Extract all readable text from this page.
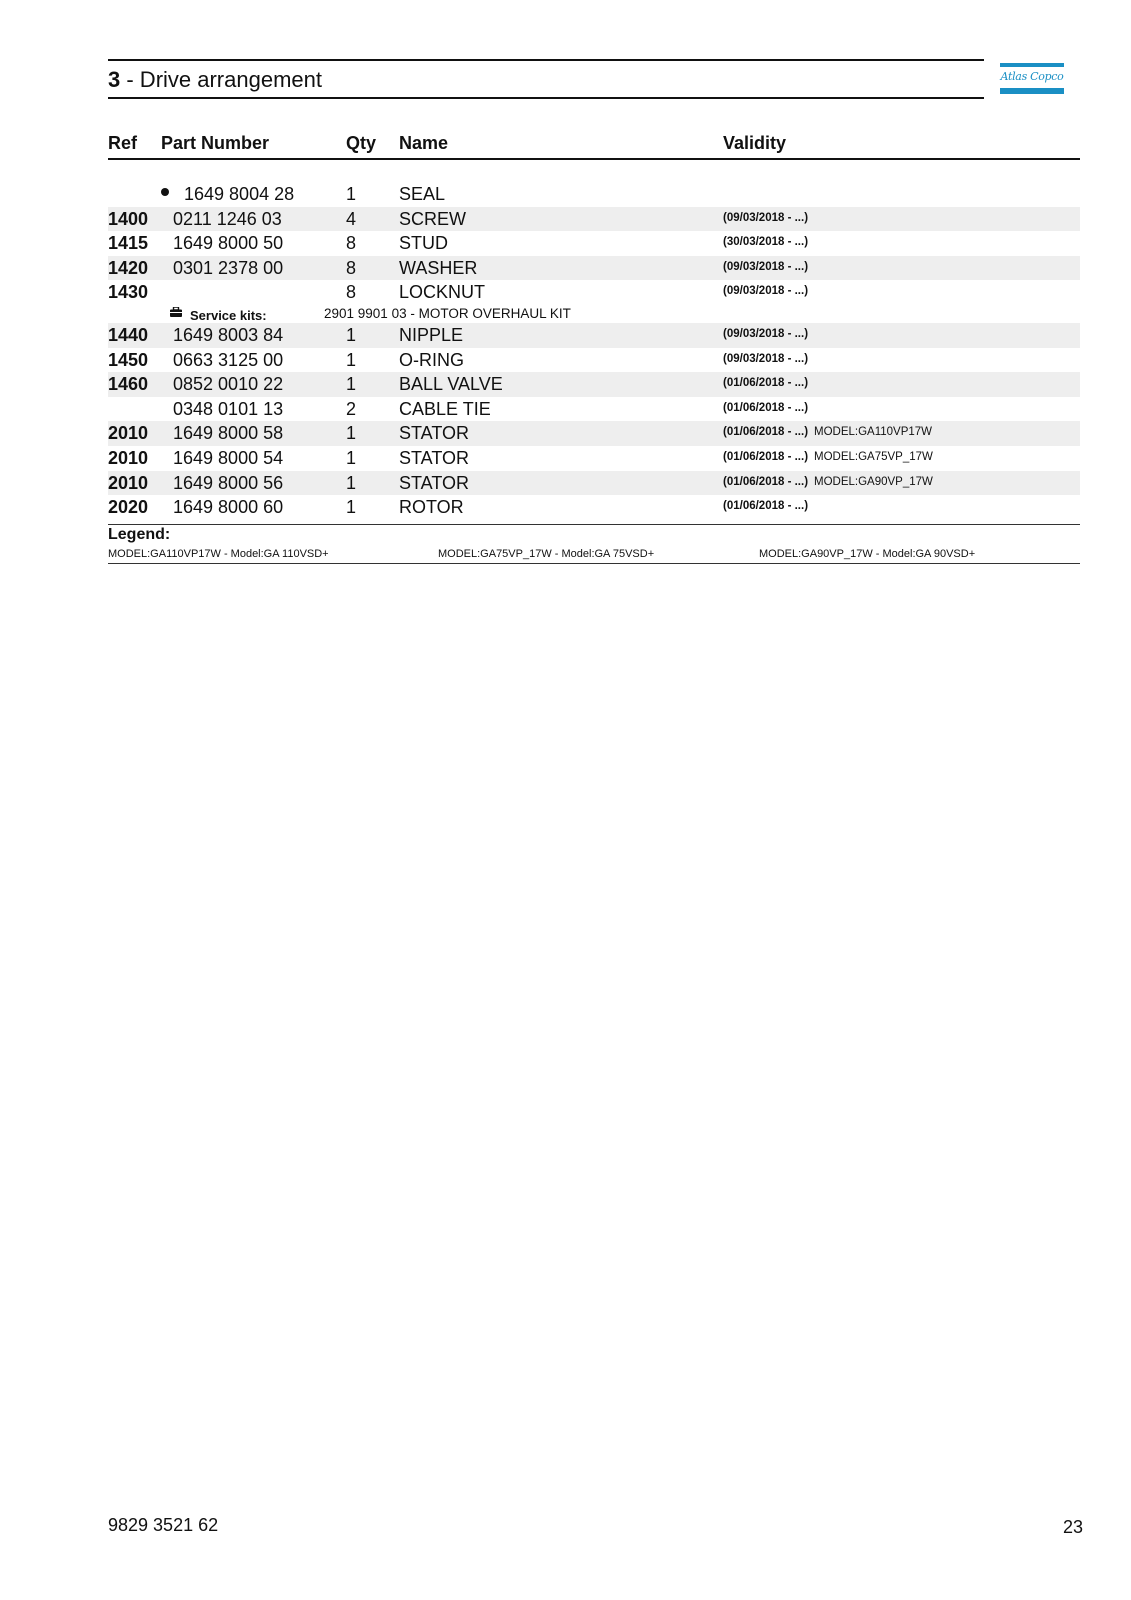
3 - Drive arrangement	Atlas Copco
Ref Part Number	Qty Name	Validity
1649 8004 28	1 SEAL
1400 0211 1246 03	4 SCREW	(09/03/2018 - ...)
1415 1649 8000 50	8 STUD	(30/03/2018 - ...)
1420 0301 2378 00	8 WASHER	(09/03/2018 - ...)
1430	8 LOCKNUT	(09/03/2018 - ...)
Service kits:	2901 9901 03 - MOTOR OVERHAUL KIT
1440 1649 8003 84	1 NIPPLE	(09/03/2018 - ...)
1450 0663 3125 00	1 O-RING	(09/03/2018 - ...)
1460 0852 0010 22	1 BALL VALVE	(01/06/2018 - ...)
0348 0101 13	2 CABLE TIE	(01/06/2018 - ...)
2010 1649 8000 58	1 STATOR	(01/06/2018 - ...) MODEL:GA110VP17W
2010 1649 8000 54	1 STATOR	(01/06/2018 - ...) MODEL:GA75VP_17W
2010 1649 8000 56	1 STATOR	(01/06/2018 - ...) MODEL:GA90VP_17W
2020 1649 8000 60	1 ROTOR	(01/06/2018 - ...)
Legend:
MODEL:GA110VP17W - Model:GA 110VSD+	MODEL:GA75VP_17W - Model:GA 75VSD+	MODEL:GA90VP_17W - Model:GA 90VSD+
9829 3521 62	23
